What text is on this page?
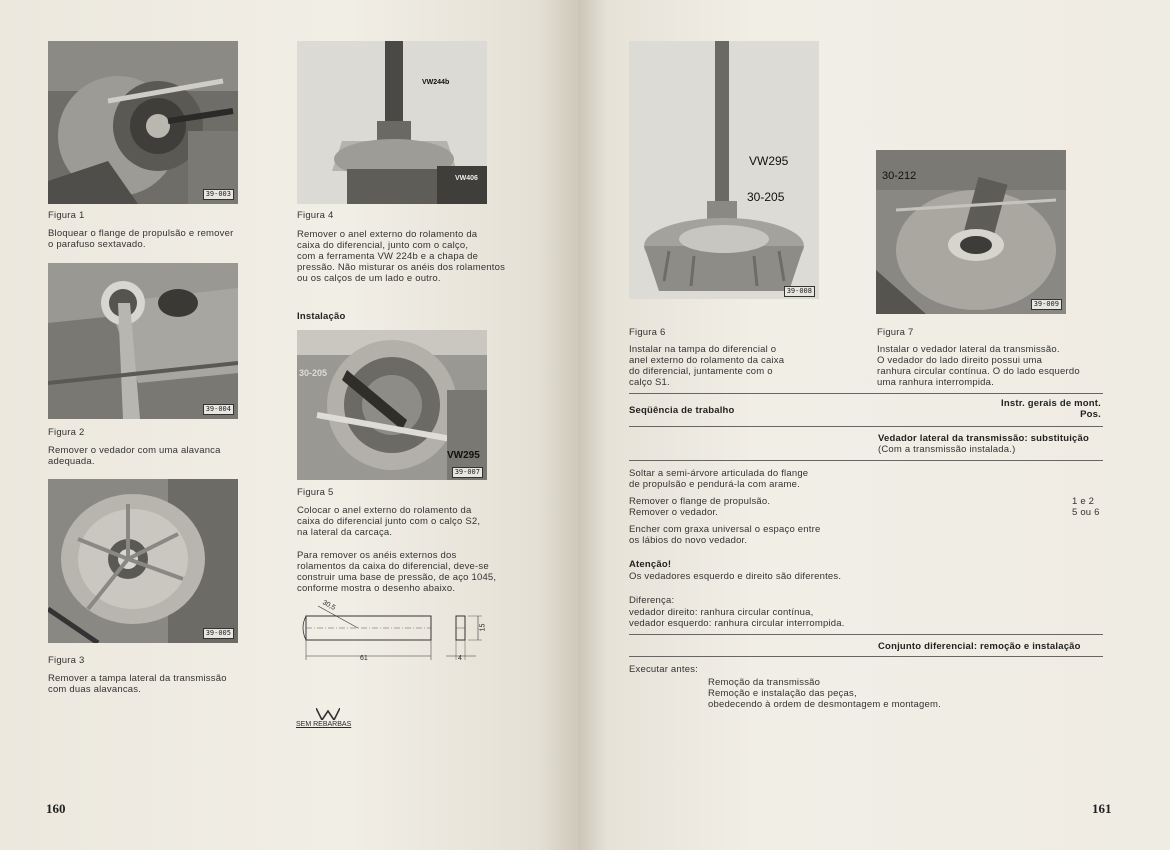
39-003
Figura 1
Bloquear o flange de propulsão e remover
o parafuso sextavado.
39-004
Figura 2
Remover o vedador com uma alavanca
adequada.
39-005
Figura 3
Remover a tampa lateral da transmissão
com duas alavancas.
VW244b
VW406
Figura 4
Remover o anel externo do rolamento da
caixa do diferencial, junto com o calço,
com a ferramenta VW 224b e a chapa de
pressão. Não misturar os anéis dos rolamentos
ou os calços de um lado e outro.
Instalação
30-205
VW295
39-007
Figura 5
Colocar o anel externo do rolamento da
caixa do diferencial junto com o calço S2,
na lateral da carcaça.
Para remover os anéis externos dos
rolamentos da caixa do diferencial, deve-se
construir uma base de pressão, de aço 1045,
conforme mostra o desenho abaixo.
30,5
61
15
4
SEM REBARBAS
160
VW295
30-205
39-008
Figura 6
Instalar na tampa do diferencial o
anel externo do rolamento da caixa
do diferencial, juntamente com o
calço S1.
30-212
39-009
Figura 7
Instalar o vedador lateral da transmissão.
O vedador do lado direito possui uma
ranhura circular contínua. O do lado esquerdo
uma ranhura interrompida.
Seqüência de trabalho
Instr. gerais de mont.
Pos.
Vedador lateral da transmissão: substituição
(Com a transmissão instalada.)
Soltar a semi-árvore articulada do flange
de propulsão e pendurá-la com arame.
Remover o flange de propulsão.	1 e 2
Remover o vedador.	5 ou 6
Encher com graxa universal o espaço entre
os lábios do novo vedador.
Atenção!
Os vedadores esquerdo e direito são diferentes.
Diferença:
vedador direito: ranhura circular contínua,
vedador esquerdo: ranhura circular interrompida.
Conjunto diferencial: remoção e instalação
Executar antes:
Remoção da transmissão
Remoção e instalação das peças,
obedecendo à ordem de desmontagem e montagem.
161
